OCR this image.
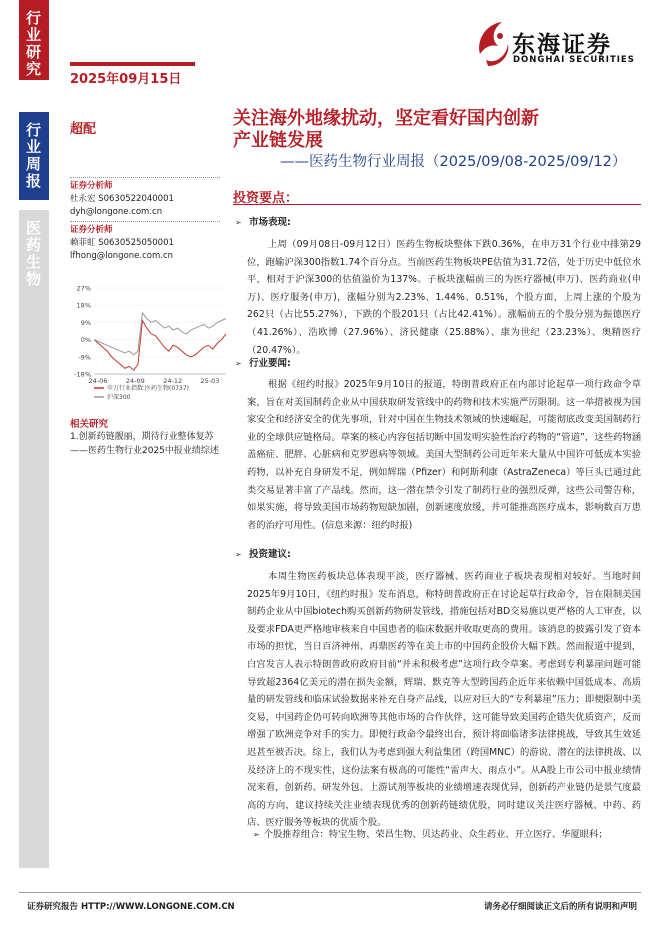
行
业
研
究
行
业
周
报
医
药
生
物
2025年09月15日
东海证券
DONGHAI SECURITIES
超配
关注海外地缘扰动，坚定看好国内创新
产业链发展
——医药生物行业周报（2025/09/08-2025/09/12）
证券分析师
杜永宏 S0630522040001
dyh@longone.com.cn
证券分析师
赖菲虹 S0630525050001
lfhong@longone.com.cn
27%
18%
9%
0%
-9%
-18%
24-06	24-09	24-12	25-03
申万行业指数:医药生物(0737)
沪深300
相关研究
1.创新药链靓丽，期待行业整体复苏——医药生物行业2025中报业绩综述
投资要点：
➢ 市场表现:
上周（09月08日-09月12日）医药生物板块整体下跌0.36%，在申万31个行业中排第29位，跑输沪深300指数1.74个百分点。当前医药生物板块PE估值为31.72倍，处于历史中低位水平，相对于沪深300的估值溢价为137%。子板块涨幅前三的为医疗器械(申万)、医药商业(申万)、医疗服务(申万)，涨幅分别为2.23%、1.44%、0.51%，个股方面，上周上涨的个股为262只（占比55.27%），下跌的个股201只（占比42.41%）。涨幅前五的个股分别为振德医疗（41.26%）、浩欧博（27.96%）、济民健康（25.88%）、康为世纪（23.23%）、奥精医疗（20.47%）。
➢ 行业要闻:
根据《纽约时报》2025年9月10日的报道，特朗普政府正在内部讨论起草一项行政命令草案，旨在对美国制药企业从中国获取研发管线中的药物和技术实施严厉限制。这一举措被视为国家安全和经济安全的优先事项，针对中国在生物技术领域的快速崛起，可能彻底改变美国制药行业的全球供应链格局。草案的核心内容包括切断中国发明实验性治疗药物的“管道”，这些药物涵盖癌症、肥胖、心脏病和克罗恩病等领域。美国大型制药公司近年来大量从中国许可低成本实验药物，以补充自身研发不足，例如辉瑞（Pfizer）和阿斯利康（AstraZeneca）等巨头已通过此类交易显著丰富了产品线。然而，这一潜在禁令引发了制药行业的强烈反弹，这些公司警告称，如果实施，将导致美国市场药物短缺加剧，创新速度放缓，并可能推高医疗成本，影响数百万患者的治疗可用性。(信息来源：纽约时报)
➢ 投资建议:
本周生物医药板块总体表现平淡，医疗器械、医药商业子板块表现相对较好。当地时间2025年9月10日，《纽约时报》发布消息，称特朗普政府正在讨论起草行政命令，旨在限制美国制药企业从中国biotech购买创新药物研发管线，措施包括对BD交易施以更严格的人工审查，以及要求FDA更严格地审核来自中国患者的临床数据并收取更高的费用。该消息的披露引发了资本市场的担忧，当日百济神州、再鼎医药等在美上市的中国药企股价大幅下跌。然而报道中提到，白宫发言人表示特朗普政府政府目前“并未积极考虑”这项行政令草案。考虑到专利暴崖问题可能导致超2364亿美元的潜在损失金额，辉瑞、默克等大型跨国药企近年来依赖中国低成本、高质量的研发管线和临床试验数据来补充自身产品线，以应对巨大的“专利暴崖”压力；即便限制中美交易，中国药企仍可转向欧洲等其他市场的合作伙伴，这可能导致美国药企错失优质资产，反而增强了欧洲竞争对手的实力。即便行政命令最终出台，预计将面临诸多法律挑战，导致其生效延迟甚至被否决。综上，我们认为考虑到强大利益集团（跨国MNC）的游说、潜在的法律挑战、以及经济上的不现实性，这份法案有极高的可能性“雷声大、雨点小”。从A股上市公司中报业绩情况来看，创新药、研发外包、上游试剂等板块的业绩增速表现优异，创新药产业链仍是景气度最高的方向，建议持续关注业绩表现优秀的创新药链绩优股，同时建议关注医疗器械、中药、药店、医疗服务等板块的优质个股。
➢ 个股推荐组合：特宝生物、荣昌生物、贝达药业、众生药业、开立医疗、华厦眼科；
证券研究报告 HTTP://WWW.LONGONE.COM.CN	请务必仔细阅读正文后的所有说明和声明
